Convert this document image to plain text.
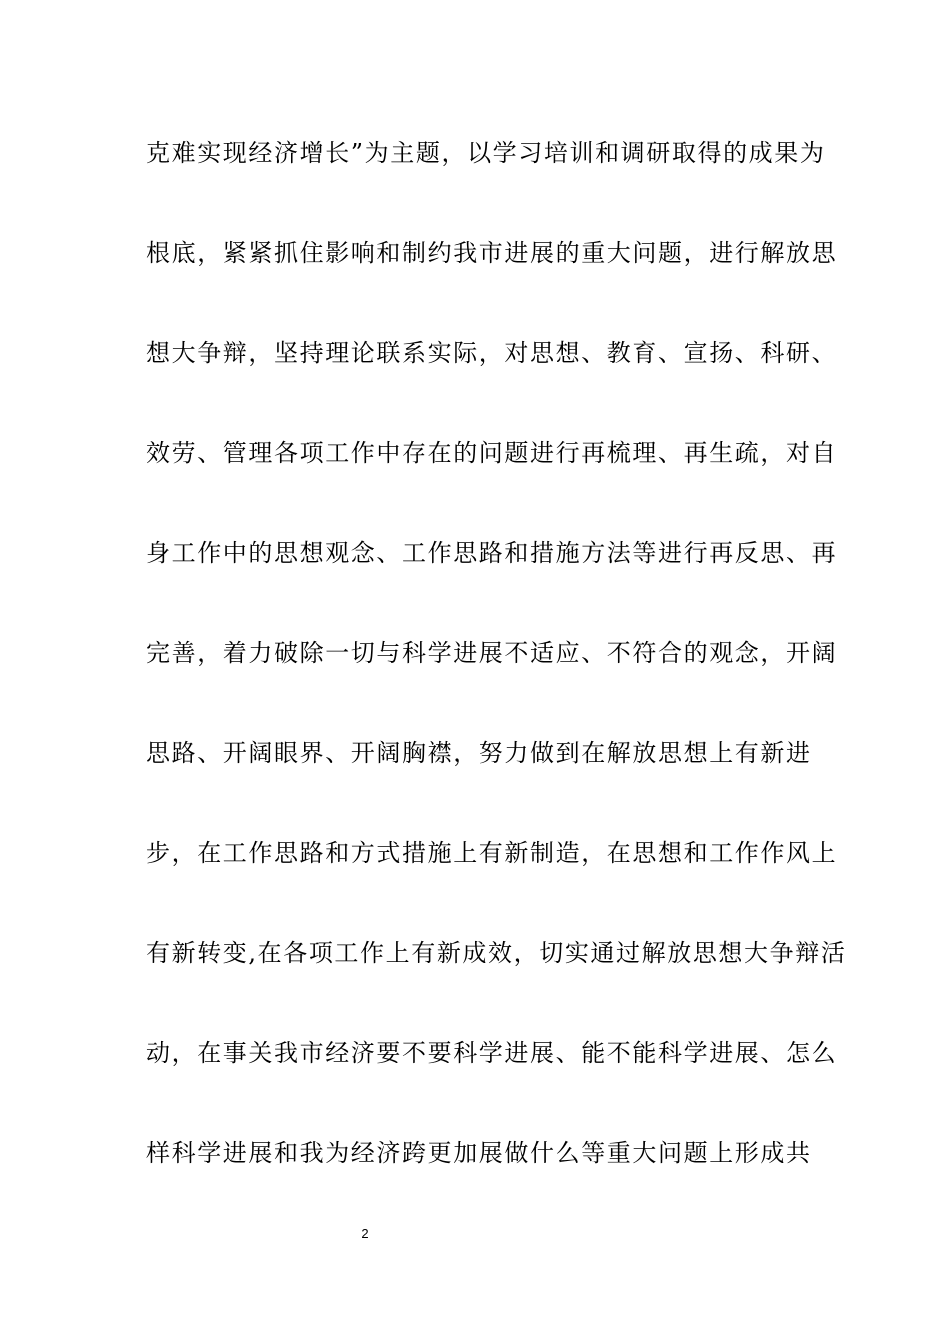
克难实现经济增长”为主题，以学习培训和调研取得的成果为
根底，紧紧抓住影响和制约我市进展的重大问题，进行解放思
想大争辩，坚持理论联系实际，对思想、教育、宣扬、科研、
效劳、管理各项工作中存在的问题进行再梳理、再生疏，对自
身工作中的思想观念、工作思路和措施方法等进行再反思、再
完善，着力破除一切与科学进展不适应、不符合的观念，开阔
思路、开阔眼界、开阔胸襟，努力做到在解放思想上有新进
步，在工作思路和方式措施上有新制造，在思想和工作作风上
有新转变,在各项工作上有新成效，切实通过解放思想大争辩活
动，在事关我市经济要不要科学进展、能不能科学进展、怎么
样科学进展和我为经济跨更加展做什么等重大问题上形成共
2
